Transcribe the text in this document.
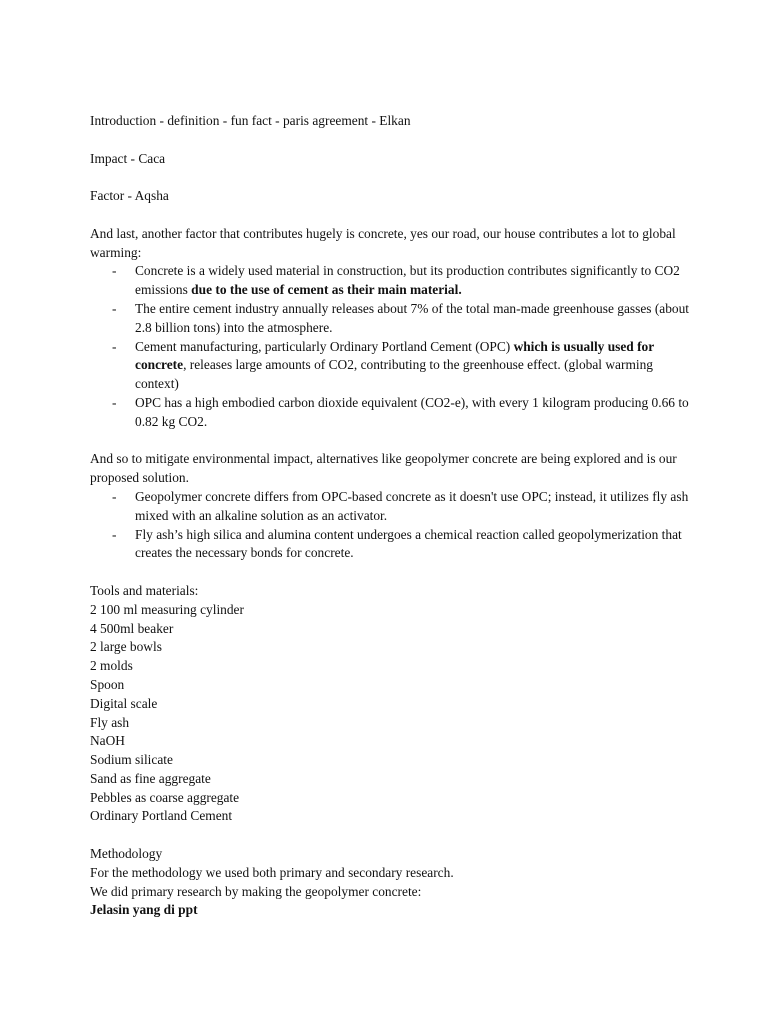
Introduction - definition - fun fact - paris agreement - Elkan

Impact - Caca

Factor - Aqsha

And last, another factor that contributes hugely is concrete, yes our road, our house contributes a lot to global warming:

- Concrete is a widely used material in construction, but its production contributes significantly to CO2 emissions due to the use of cement as their main material.
- The entire cement industry annually releases about 7% of the total man-made greenhouse gasses (about 2.8 billion tons) into the atmosphere.
- Cement manufacturing, particularly Ordinary Portland Cement (OPC) which is usually used for concrete, releases large amounts of CO2, contributing to the greenhouse effect. (global warming context)
- OPC has a high embodied carbon dioxide equivalent (CO2-e), with every 1 kilogram producing 0.66 to 0.82 kg CO2.

And so to mitigate environmental impact, alternatives like geopolymer concrete are being explored and is our proposed solution.

- Geopolymer concrete differs from OPC-based concrete as it doesn't use OPC; instead, it utilizes fly ash mixed with an alkaline solution as an activator.
- Fly ash’s high silica and alumina content undergoes a chemical reaction called geopolymerization that creates the necessary bonds for concrete.

Tools and materials:

2 100 ml measuring cylinder

4 500ml beaker

2 large bowls

2 molds

Spoon

Digital scale

Fly ash

NaOH

Sodium silicate

Sand as fine aggregate

Pebbles as coarse aggregate

Ordinary Portland Cement

Methodology

For the methodology we used both primary and secondary research.

We did primary research by making the geopolymer concrete:

Jelasin yang di ppt
